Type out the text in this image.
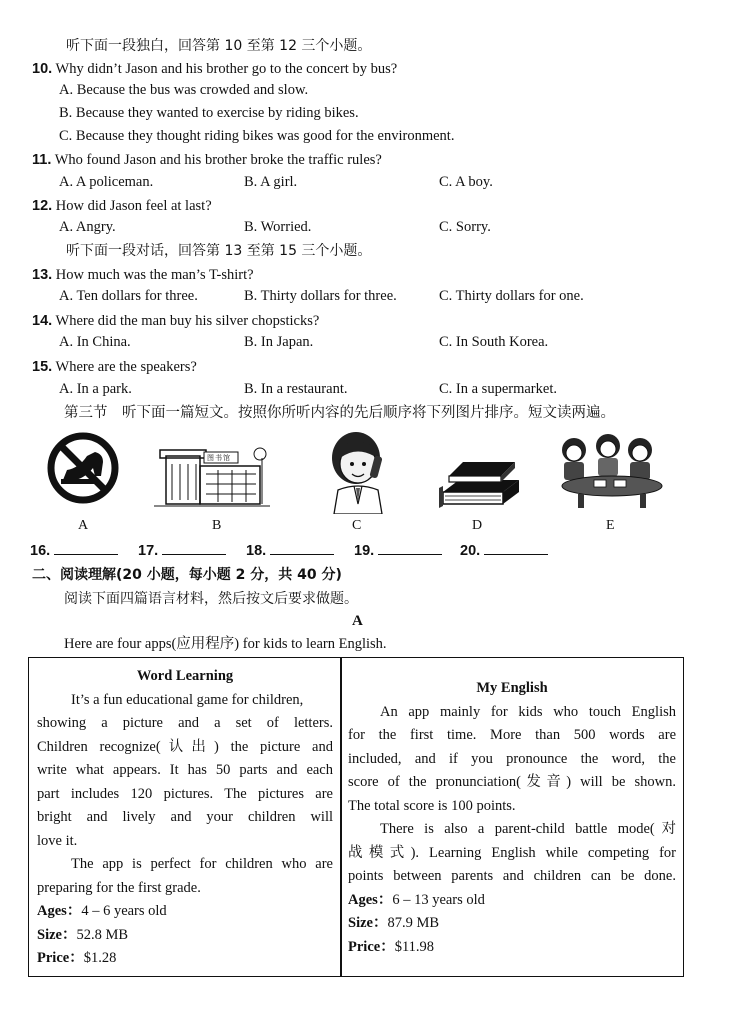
听下面一段独白，回答第 10 至第 12 三个小题。
10. Why didn’t Jason and his brother go to the concert by bus?
A. Because the bus was crowded and slow.
B. Because they wanted to exercise by riding bikes.
C. Because they thought riding bikes was good for the environment.
11. Who found Jason and his brother broke the traffic rules?
A. A policeman.	B. A girl.	C. A boy.
12. How did Jason feel at last?
A. Angry.	B. Worried.	C. Sorry.
听下面一段对话，回答第 13 至第 15 三个小题。
13. How much was the man’s T-shirt?
A. Ten dollars for three.	B. Thirty dollars for three.	C. Thirty dollars for one.
14. Where did the man buy his silver chopsticks?
A. In China.	B. In Japan.	C. In South Korea.
15. Where are the speakers?
A. In a park.	B. In a restaurant.	C. In a supermarket.
第三节　听下面一篇短文。按照你所听内容的先后顺序将下列图片排序。短文读两遍。
A
图书馆
B	C	D	E
16.	17.	18.	19.	20.
二、阅读理解(20 小题，每小题 2 分，共 40 分)
阅读下面四篇语言材料，然后按文后要求做题。
A
Here are four apps(应用程序) for kids to learn English.

Word Learning

It’s a fun educational game for children,

showing a picture and a set of letters.

Children recognize(认出) the picture and

write what appears. It has 50 parts and each

part includes 120 pictures. The pictures are

bright and lively and your children will

love it.

The app is perfect for children who are

preparing for the first grade.

Ages：4 – 6 years old

Size：52.8 MB

Price：$1.28

My English

An app mainly for kids who touch English

for the first time. More than 500 words are

included, and if you pronounce the word, the

score of the pronunciation(发音) will be shown.

The total score is 100 points.

There is also a parent-child battle mode(对

战模式). Learning English while competing for

points between parents and children can be done.

Ages：6 – 13 years old

Size：87.9 MB

Price：$11.98
